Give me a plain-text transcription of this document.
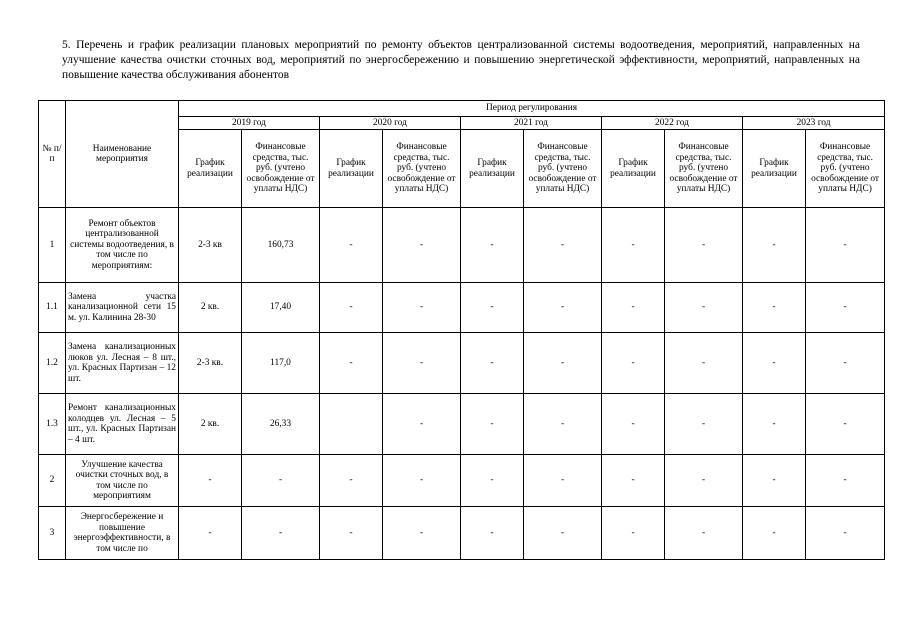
5. Перечень и график реализации плановых мероприятий по ремонту объектов централизованной системы водоотведения, мероприятий, направленных на улучшение качества очистки сточных вод, мероприятий по энергосбережению и повышению энергетической эффективности, мероприятий, направленных на повышение качества обслуживания абонентов
№ п/п	Наименование мероприятия	Период регулирования									
		2019 год		2020 год		2021 год		2022 год		2023 год	
		График реализации	Финансовые средства, тыс. руб. (учтено освобождение от уплаты НДС)	График реализации	Финансовые средства, тыс. руб. (учтено освобождение от уплаты НДС)	График реализации	Финансовые средства, тыс. руб. (учтено освобождение от уплаты НДС)	График реализации	Финансовые средства, тыс. руб. (учтено освобождение от уплаты НДС)	График реализации	Финансовые средства, тыс. руб. (учтено освобождение от уплаты НДС)
1	Ремонт объектов централизованной системы водоотведения, в том числе по мероприятиям:	2-3 кв	160,73	-	-	-	-	-	-	-	-
1.1	Замена участка канализационной сети 15 м. ул. Калинина 28-30	2 кв.	17,40	-	-	-	-	-	-	-	-
1.2	Замена канализационных люков ул. Лесная – 8 шт., ул. Красных Партизан – 12 шт.	2-3 кв.	117,0	-	-	-	-	-	-	-	-
1.3	Ремонт канализационных колодцев ул. Лесная – 5 шт., ул. Красных Партизан – 4 шт.	2 кв.	26,33		-	-	-	-	-	-	-
2	Улучшение качества очистки сточных вод, в том числе по мероприятиям	-	-	-	-	-	-	-	-	-	-
3	Энергосбережение и повышение энергоэффективности, в том числе по	-	-	-	-	-	-	-	-	-	-
